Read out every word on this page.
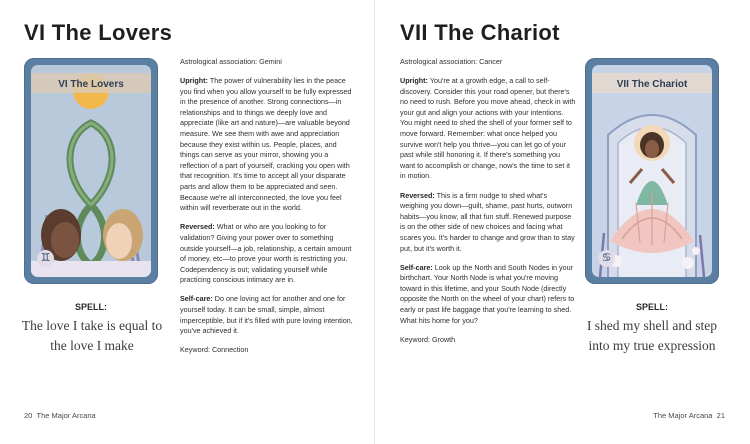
VI The Lovers
VI The Lovers
♊
SPELL:
The love I take is equal to the love I make

Astrological association: Gemini

Upright: The power of vulnerability lies in the peace you find when you allow yourself to be fully expressed in the presence of another. Strong connections—in relationships and to things we deeply love and appreciate (like art and nature)—are valuable beyond measure. We see them with awe and appreciation because they exist within us. People, places, and things can serve as your mirror, showing you a reflection of a part of yourself, cracking you open with that recognition. It's time to accept all your disparate parts and allow them to be appreciated and seen. Because we're all interconnected, the love you feel within will reverberate out in the world.

Reversed: What or who are you looking to for validation? Giving your power over to something outside yourself—a job, relationship, a certain amount of money, etc—to prove your worth is restricting you. Codependency is out; validating yourself while practicing conscious intimacy are in.

Self-care: Do one loving act for another and one for yourself today. It can be small, simple, almost imperceptible, but if it's filled with pure loving intention, you've achieved it.

Keyword: Connection

20 The Major Arcana
VII The Chariot

Astrological association: Cancer

Upright: You're at a growth edge, a call to self-discovery. Consider this your road opener, but there's no need to rush. Before you move ahead, check in with your gut and align your actions with your intentions. You might need to shed the shell of your former self to move forward. Remember: what once helped you survive won't help you thrive—you can let go of your past while still honoring it. If there's something you want to accomplish or change, now's the time to set it in motion.

Reversed: This is a firm nudge to shed what's weighing you down—guilt, shame, past hurts, outworn habits—you know, all that fun stuff. Renewed purpose is on the other side of new choices and facing what scares you. It's harder to change and grow than to stay put, but it's worth it.

Self-care: Look up the North and South Nodes in your birthchart. Your North Node is what you're moving toward in this lifetime, and your South Node (directly opposite the North on the wheel of your chart) refers to early or past life baggage that you're learning to shed. What hits home for you?

Keyword: Growth

VII The Chariot
♋
SPELL:
I shed my shell and step into my true expression
The Major Arcana 21
